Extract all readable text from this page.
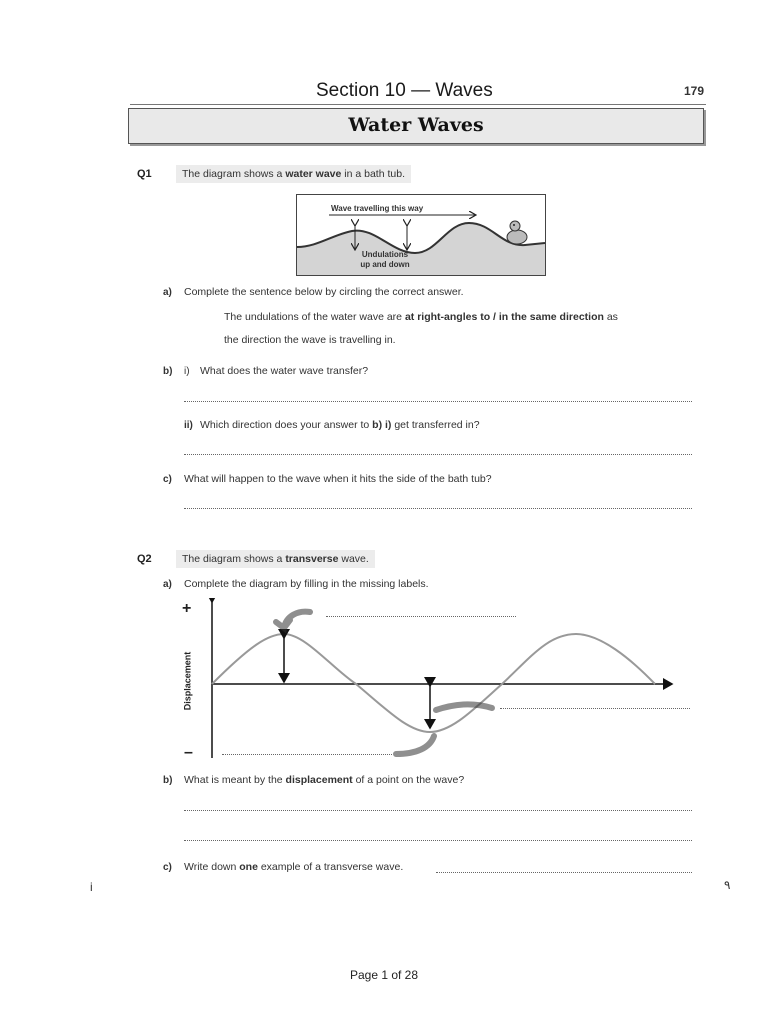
Section 10 — Waves	179
Water Waves
Q1	The diagram shows a water wave in a bath tub.
Wave travelling this way
Undulations
up and down
a) Complete the sentence below by circling the correct answer.
The undulations of the water wave are at right-angles to / in the same direction as
the direction the wave is travelling in.
b) i) What does the water wave transfer?
ii) Which direction does your answer to b) i) get transferred in?
c) What will happen to the wave when it hits the side of the bath tub?
Q2	The diagram shows a transverse wave.
a) Complete the diagram by filling in the missing labels.
+
–
Displacement
b) What is meant by the displacement of a point on the wave?
c) Write down one example of a transverse wave.
i	٩
Page 1 of 28
